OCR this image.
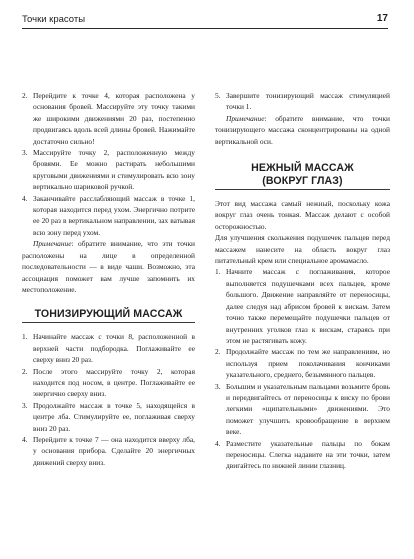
Точки красоты	17
2. Перейдите к точке 4, которая расположена у основания бровей. Массируйте эту точку такими же широкими движениями 20 раз, постепенно продвигаясь вдоль всей длины бровей. Нажимайте достаточно сильно!
3. Массируйте точку 2, расположенную между бровями. Ее можно растирать небольшими круговыми движениями и стимулировать всю зону вертикально шариковой ручкой.
4. Заканчивайте расслабляющий массаж в точке 1, которая находится перед ухом. Энергично потрите ее 20 раз в вертикальном направлении, зах ватывая всю зону перед ухом.

Примечание: обратите внимание, что эти точки расположены на лице в определенной последовательности — в виде чаши. Возможно, эта ассоциация поможет вам лучше запомнить их местоположение.

ТОНИЗИРУЮЩИЙ МАССАЖ
1. Начинайте массаж с точки 8, расположенной в верхней части подбородка. Поглаживайте ее сверху вниз 20 раз.
2. После этого массируйте точку 2, которая находится под носом, в центре. Поглаживайте ее энергично сверху вниз.
3. Продолжайте массаж в точке 5, находящейся в центре лба. Стимулируйте ее, поглаживая сверху вниз 20 раз.
4. Перейдите к точке 7 — она находится вверху лба, у основания прибора. Сделайте 20 энергичных движений сверху вниз.
5. Завершите тонизирующий массаж стимуляцией точки 1.

Примечание: обратите внимание, что точки тонизирующего массажа сконцентрированы на одной вертикальной оси.

НЕЖНЫЙ МАССАЖ
(ВОКРУГ ГЛАЗ)

Этот вид массажа самый нежный, поскольку кожа вокруг глаз очень тонкая. Массаж делают с особой осторожностью.

Для улучшения скольжения подушечек пальцев перед массажем нанесите на область вокруг глаз питательный крем или специальное аромамасло.

1. Начните массаж с поглаживания, которое выполняется подушечками всех пальцев, кроме большого. Движение направляйте от переносицы, далее следуя над абрисом бровей к вискам. Затем точно также перемещайте подушечки пальцев от внутренних уголков глаз к вискам, стараясь при этом не растягивать кожу.
2. Продолжайте массаж по тем же направлениям, но используя прием поколачивания кончиками указательного, среднего, безымянного пальцев.
3. Большим и указательным пальцами возьмите бровь и передвигайтесь от переносицы к виску по брови легкими «щипательными» движениями. Это поможет улучшить кровообращение в верхнем веке.
4. Разместите указательные пальцы по бокам переносицы. Слегка надавите на эти точки, затем двигайтесь по нижней линии глазниц.
